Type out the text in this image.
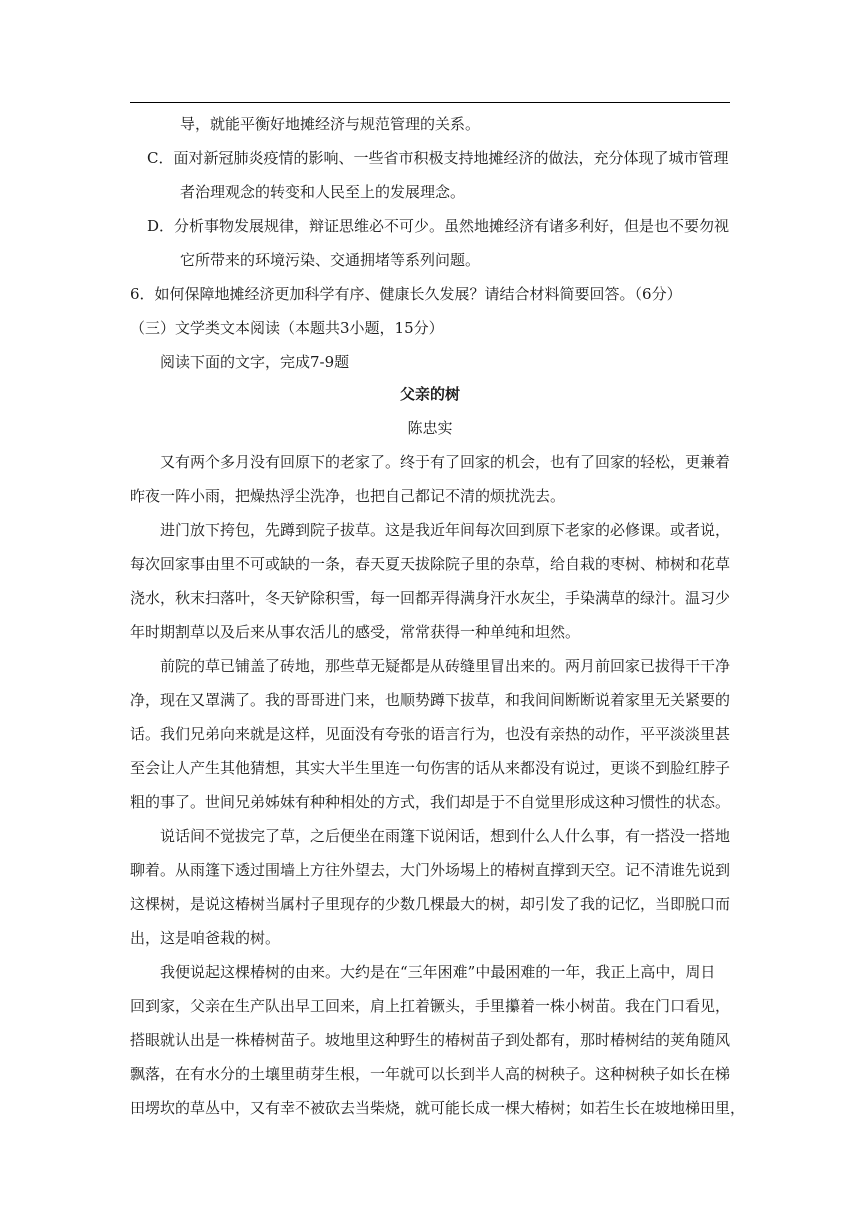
导，就能平衡好地摊经济与规范管理的关系。
C．面对新冠肺炎疫情的影响、一些省市积极支持地摊经济的做法，充分体现了城市管理
者治理观念的转变和人民至上的发展理念。
D．分析事物发展规律，辩证思维必不可少。虽然地摊经济有诸多利好，但是也不要勿视
它所带来的环境污染、交通拥堵等系列问题。
6．如何保障地摊经济更加科学有序、健康长久发展？请结合材料简要回答。（6分）
（三）文学类文本阅读（本题共3小题，15分）
阅读下面的文字，完成7-9题
父亲的树
陈忠实
又有两个多月没有回原下的老家了。终于有了回家的机会，也有了回家的轻松，更兼着
昨夜一阵小雨，把燥热浮尘洗净，也把自己都记不清的烦扰洗去。
进门放下挎包，先蹲到院子拔草。这是我近年间每次回到原下老家的必修课。或者说，
每次回家事由里不可或缺的一条，春天夏天拔除院子里的杂草，给自栽的枣树、柿树和花草
浇水，秋末扫落叶，冬天铲除积雪，每一回都弄得满身汗水灰尘，手染满草的绿汁。温习少
年时期割草以及后来从事农活儿的感受，常常获得一种单纯和坦然。
前院的草已铺盖了砖地，那些草无疑都是从砖缝里冒出来的。两月前回家已拔得干干净
净，现在又罩满了。我的哥哥进门来，也顺势蹲下拔草，和我间间断断说着家里无关紧要的
话。我们兄弟向来就是这样，见面没有夸张的语言行为，也没有亲热的动作，平平淡淡里甚
至会让人产生其他猜想，其实大半生里连一句伤害的话从来都没有说过，更谈不到脸红脖子
粗的事了。世间兄弟姊妹有种种相处的方式，我们却是于不自觉里形成这种习惯性的状态。
说话间不觉拔完了草，之后便坐在雨篷下说闲话，想到什么人什么事，有一搭没一搭地
聊着。从雨篷下透过围墙上方往外望去，大门外场埸上的椿树直撑到天空。记不清谁先说到
这棵树，是说这椿树当属村子里现存的少数几棵最大的树，却引发了我的记忆，当即脱口而
出，这是咱爸栽的树。
我便说起这棵椿树的由来。大约是在“三年困难”中最困难的一年，我正上高中，周日
回到家，父亲在生产队出早工回来，肩上扛着镢头，手里攥着一株小树苗。我在门口看见，
搭眼就认出是一株椿树苗子。坡地里这种野生的椿树苗子到处都有，那时椿树结的荚角随风
飘落，在有水分的土壤里萌芽生根，一年就可以长到半人高的树秧子。这种树秧子如长在梯
田塄坎的草丛中，又有幸不被砍去当柴烧，就可能长成一棵大椿树；如若生长在坡地梯田里，
